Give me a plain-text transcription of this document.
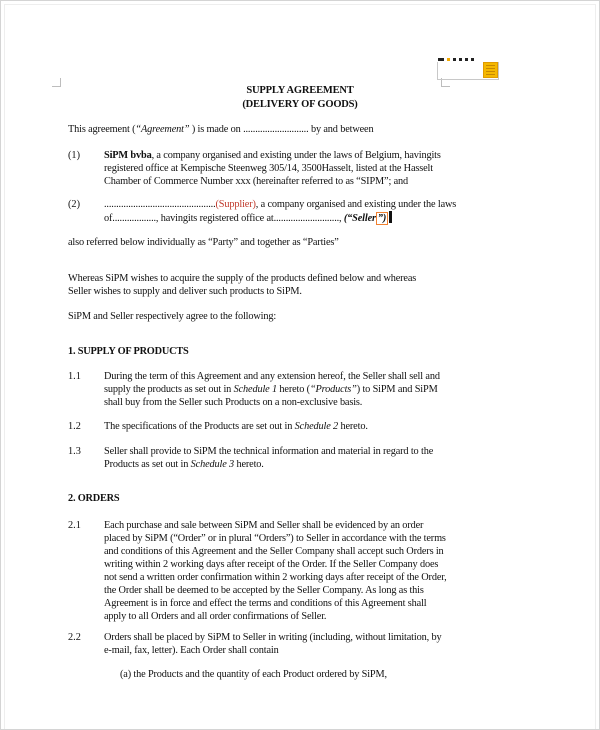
SUPPLY AGREEMENT
(DELIVERY OF GOODS)
This agreement (“Agreement” ) is made on ........................... by and between
(1) SiPM bvba, a company organised and existing under the laws of Belgium, havingits
registered office at Kempische Steenweg 305/14, 3500Hasselt, listed at the Hasselt
Chamber of Commerce Number xxx (hereinafter referred to as “SIPM”; and
(2) ..............................................(Supplier), a company organised and existing under the laws
of.................., havingits registered office at..........................., (“Seller ”)
also referred below individually as “Party” and together as “Parties”
Whereas SiPM wishes to acquire the supply of the products defined below and whereas
Seller wishes to supply and deliver such products to SiPM.
SiPM and Seller respectively agree to the following:
1. SUPPLY OF PRODUCTS
1.1 During the term of this Agreement and any extension hereof, the Seller shall sell and
supply the products as set out in Schedule 1 hereto (“Products”) to SiPM and SiPM
shall buy from the Seller such Products on a non-exclusive basis.
1.2 The specifications of the Products are set out in Schedule 2 hereto.
1.3 Seller shall provide to SiPM the technical information and material in regard to the
Products as set out in Schedule 3 hereto.
2. ORDERS
2.1 Each purchase and sale between SiPM and Seller shall be evidenced by an order
placed by SiPM (“Order” or in plural “Orders”) to Seller in accordance with the terms
and conditions of this Agreement and the Seller Company shall accept such Orders in
writing within 2 working days after receipt of the Order. If the Seller Company does
not send a written order confirmation within 2 working days after receipt of the Order,
the Order shall be deemed to be accepted by the Seller Company. As long as this
Agreement is in force and effect the terms and conditions of this Agreement shall
apply to all Orders and all order confirmations of Seller.
2.2 Orders shall be placed by SiPM to Seller in writing (including, without limitation, by
e-mail, fax, letter). Each Order shall contain
(a) the Products and the quantity of each Product ordered by SiPM,
